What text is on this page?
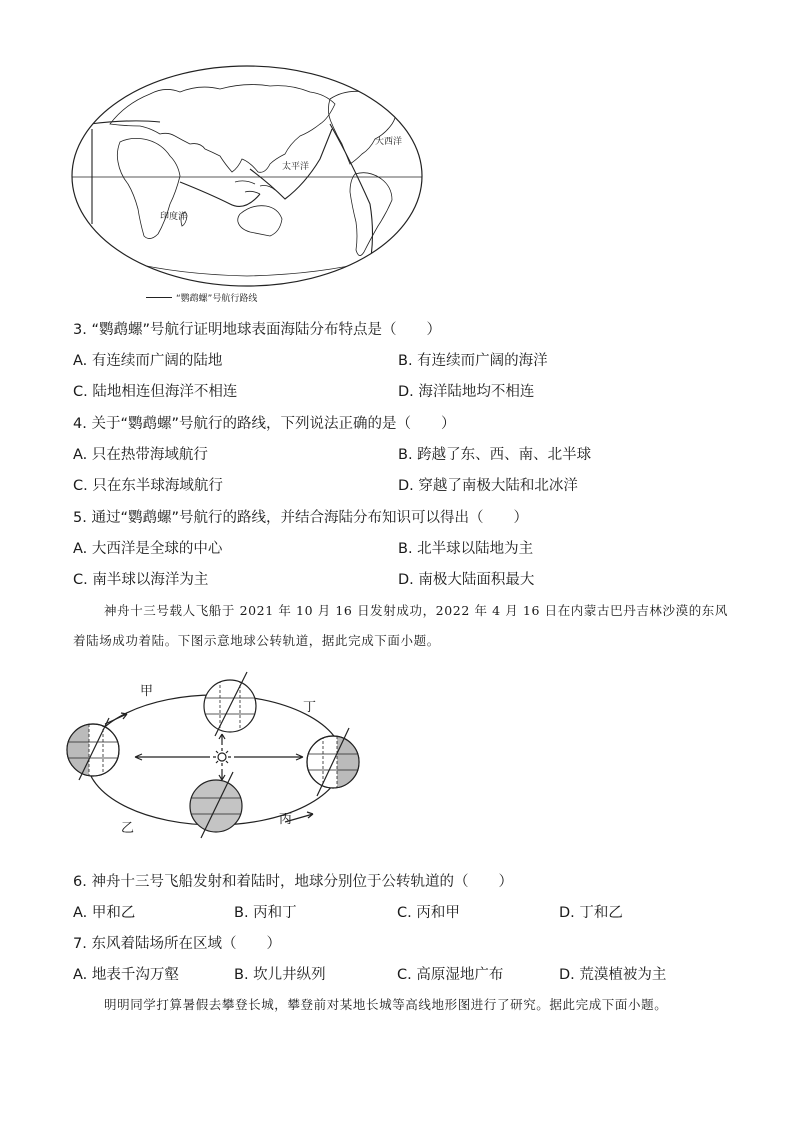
大西洋
太平洋
印度洋
“鹦鹉螺”号航行路线
3. “鹦鹉螺”号航行证明地球表面海陆分布特点是（ ）
A. 有连续而广阔的陆地	B. 有连续而广阔的海洋
C. 陆地相连但海洋不相连	D. 海洋陆地均不相连
4. 关于“鹦鹉螺”号航行的路线，下列说法正确的是（ ）
A. 只在热带海域航行	B. 跨越了东、西、南、北半球
C. 只在东半球海域航行	D. 穿越了南极大陆和北冰洋
5. 通过“鹦鹉螺”号航行的路线，并结合海陆分布知识可以得出（ ）
A. 大西洋是全球的中心	B. 北半球以陆地为主
C. 南半球以海洋为主	D. 南极大陆面积最大
神舟十三号载人飞船于 2021 年 10 月 16 日发射成功，2022 年 4 月 16 日在内蒙古巴丹吉林沙漠的东风
着陆场成功着陆。下图示意地球公转轨道，据此完成下面小题。
甲
丁
乙
丙
6. 神舟十三号飞船发射和着陆时，地球分别位于公转轨道的（ ）
A. 甲和乙	B. 丙和丁	C. 丙和甲	D. 丁和乙
7. 东风着陆场所在区域（ ）
A. 地表千沟万壑	B. 坎儿井纵列	C. 高原湿地广布	D. 荒漠植被为主
明明同学打算暑假去攀登长城，攀登前对某地长城等高线地形图进行了研究。据此完成下面小题。
